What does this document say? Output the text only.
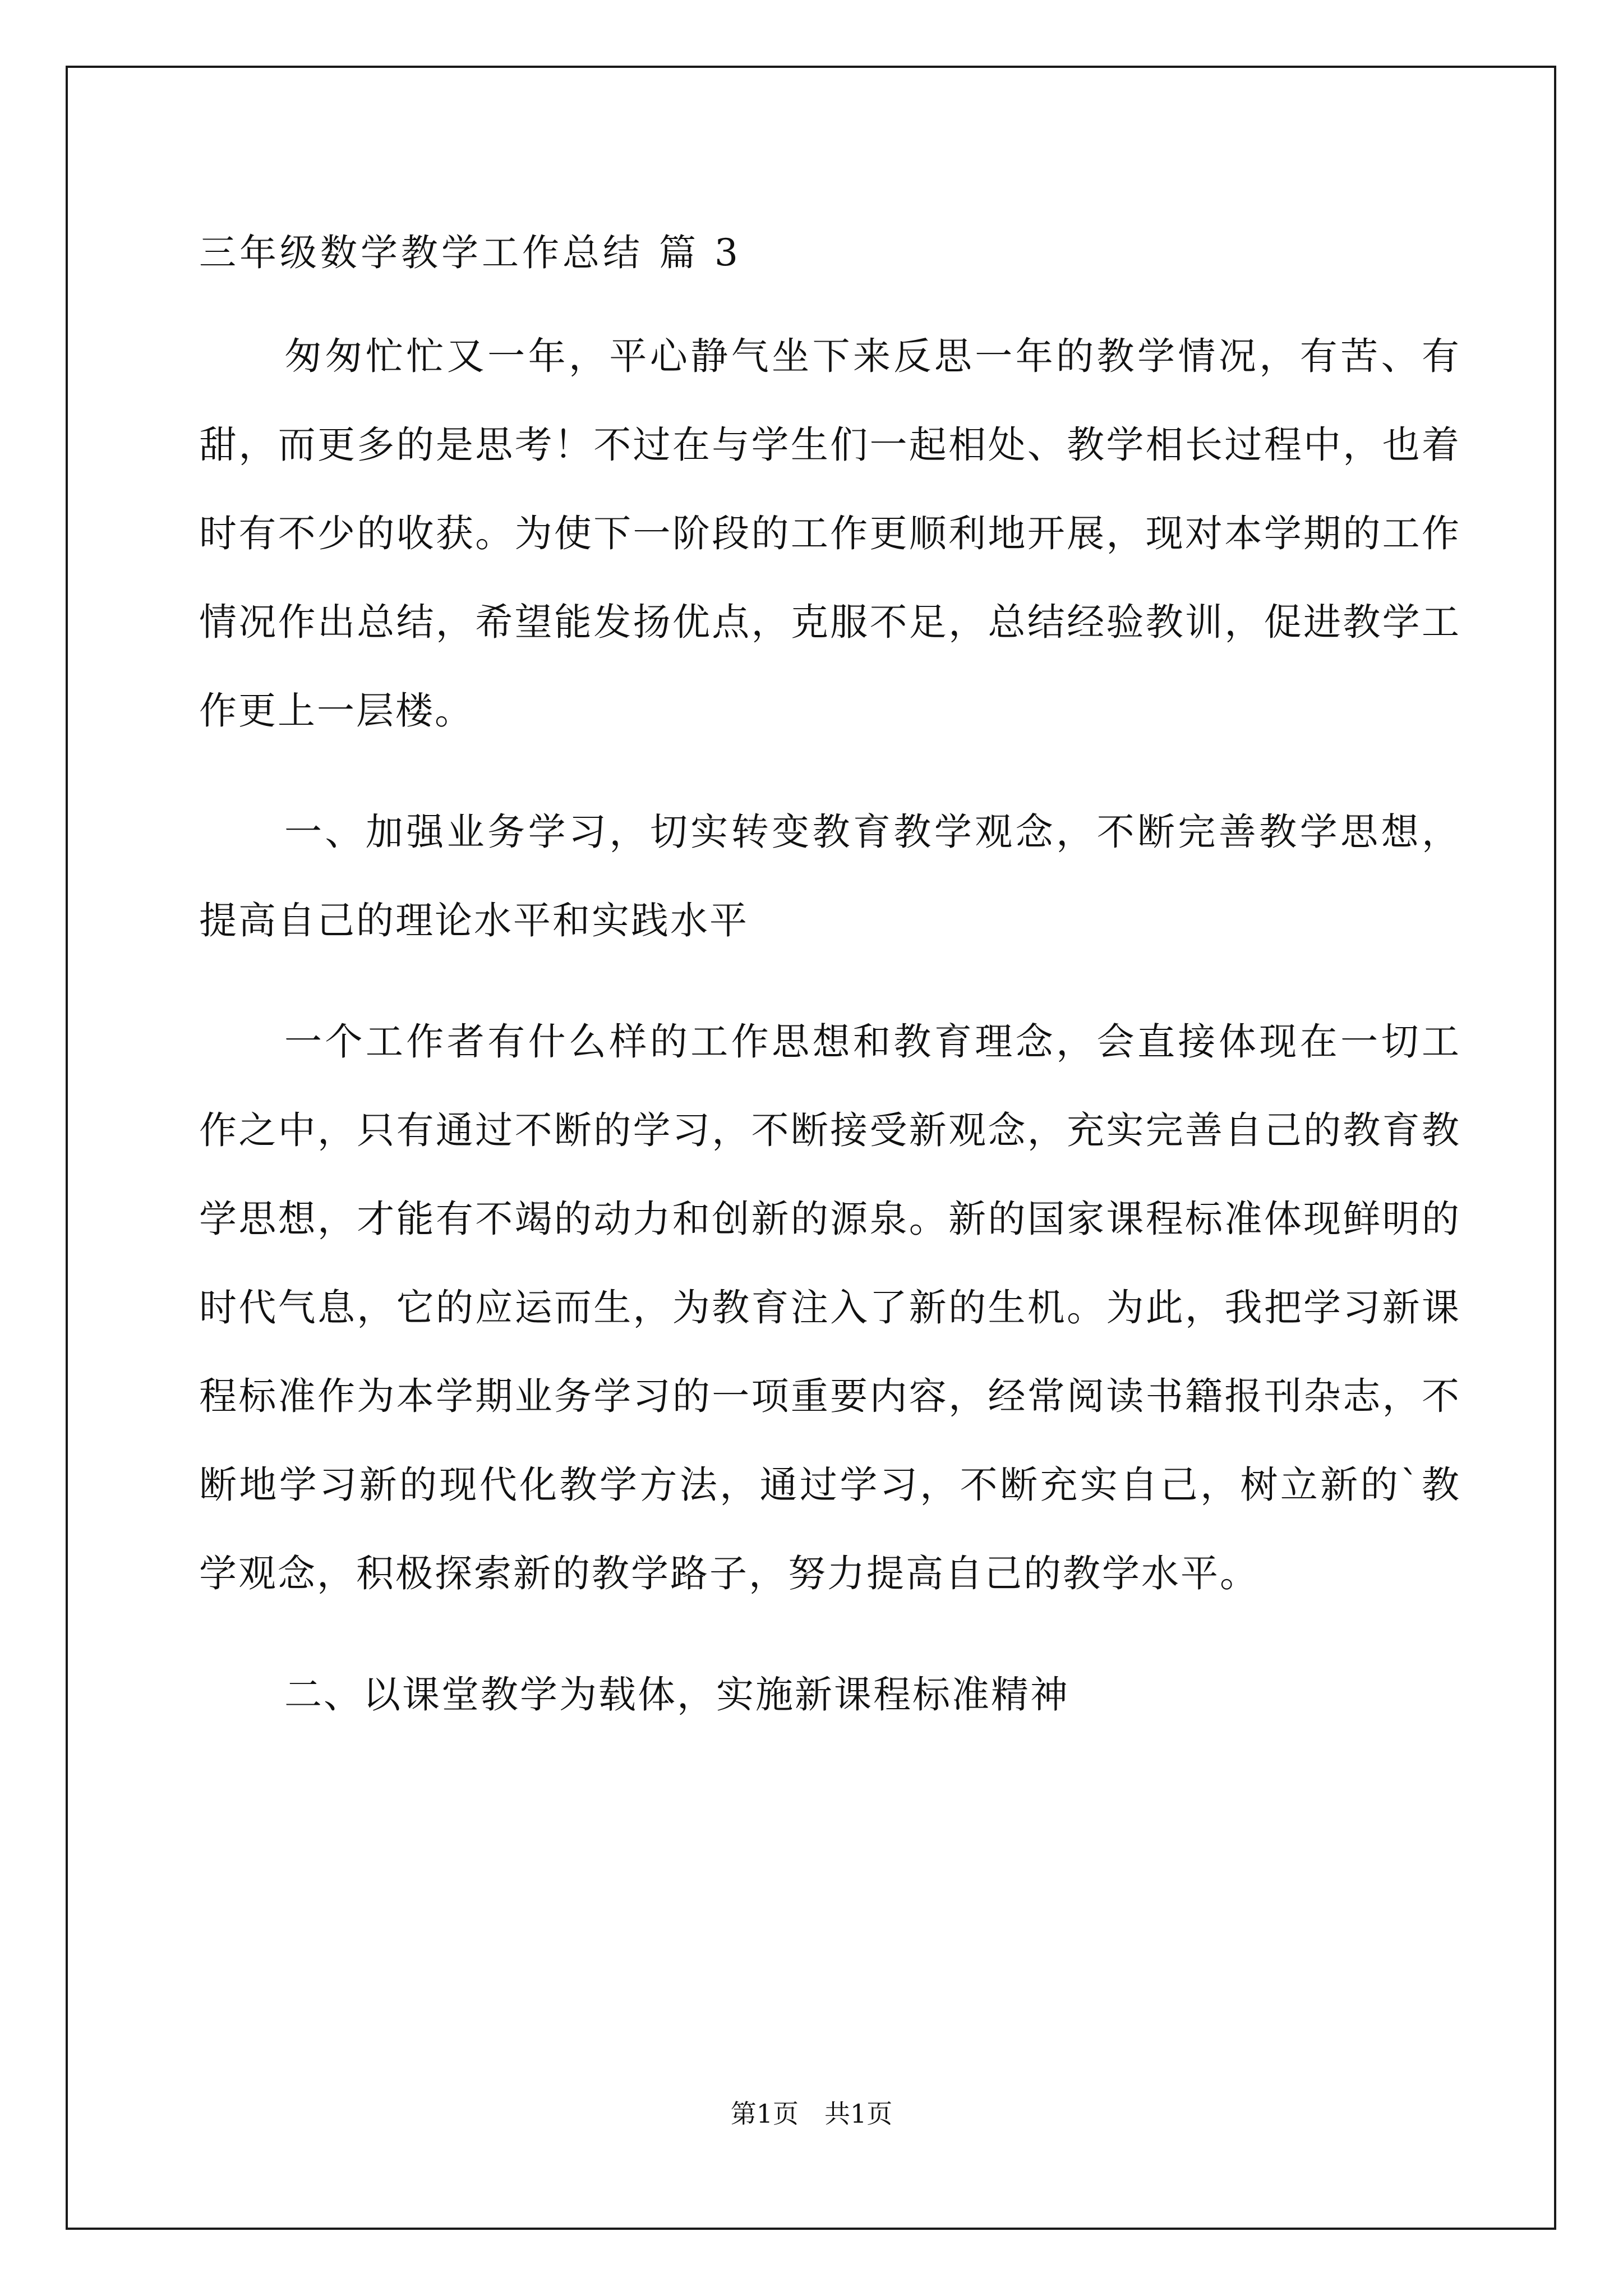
三年级数学教学工作总结 篇 3

匆匆忙忙又一年，平心静气坐下来反思一年的教学情况，有苦、有甜，而更多的是思考！不过在与学生们一起相处、教学相长过程中，也着时有不少的收获。为使下一阶段的工作更顺利地开展，现对本学期的工作情况作出总结，希望能发扬优点，克服不足，总结经验教训，促进教学工作更上一层楼。

一、加强业务学习，切实转变教育教学观念，不断完善教学思想，提高自己的理论水平和实践水平

一个工作者有什么样的工作思想和教育理念，会直接体现在一切工作之中，只有通过不断的学习，不断接受新观念，充实完善自己的教育教学思想，才能有不竭的动力和创新的源泉。新的国家课程标准体现鲜明的时代气息，它的应运而生，为教育注入了新的生机。为此，我把学习新课程标准作为本学期业务学习的一项重要内容，经常阅读书籍报刊杂志，不断地学习新的现代化教学方法，通过学习，不断充实自己，树立新的`教学观念，积极探索新的教学路子，努力提高自己的教学水平。

二、以课堂教学为载体，实施新课程标准精神

第1页 共1页
